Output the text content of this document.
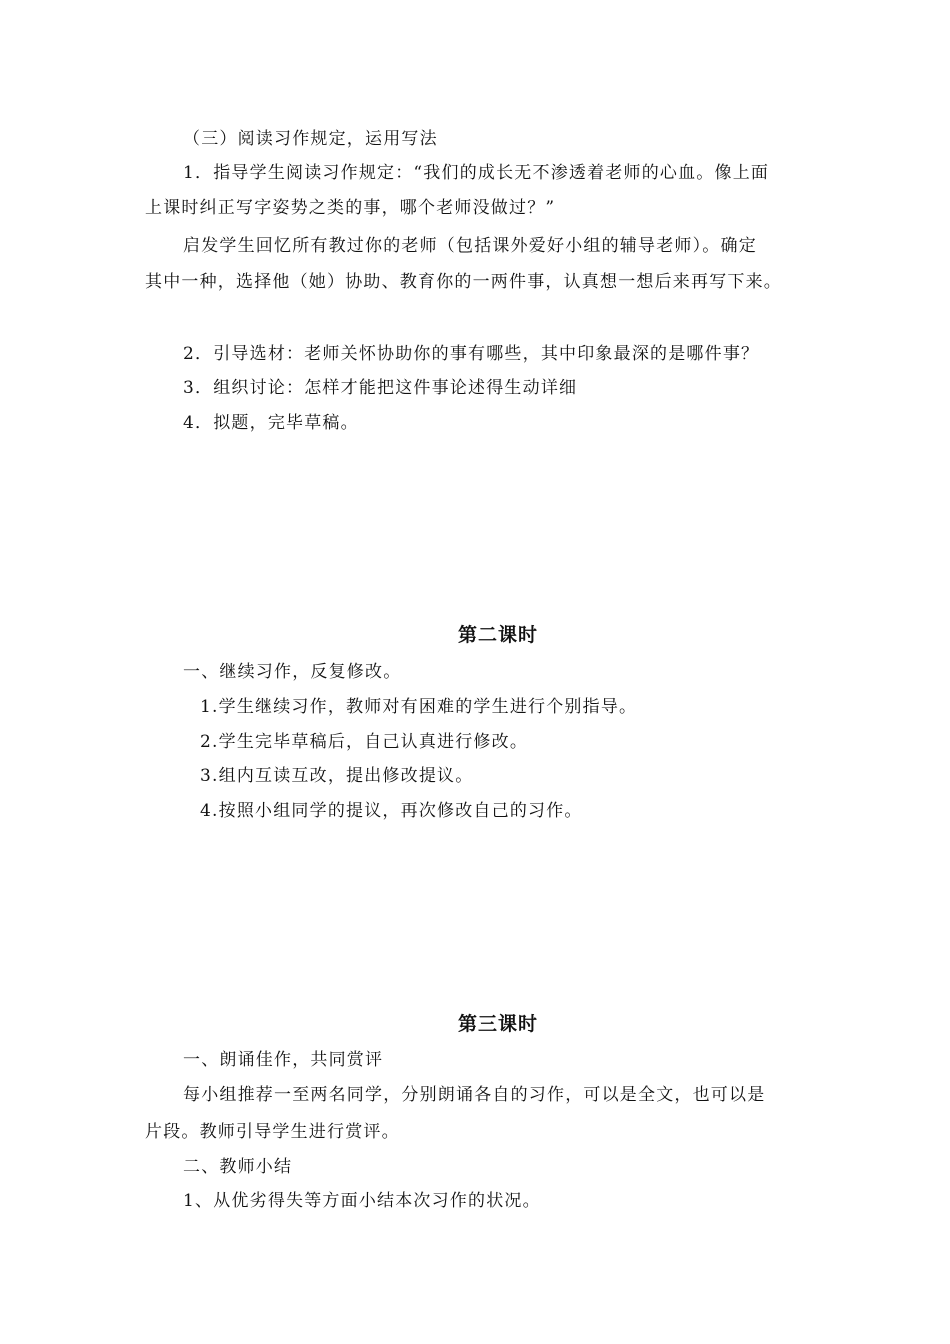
（三）阅读习作规定，运用写法
1．指导学生阅读习作规定：“我们的成长无不渗透着老师的心血。像上面
上课时纠正写字姿势之类的事，哪个老师没做过？”
启发学生回忆所有教过你的老师（包括课外爱好小组的辅导老师）。确定
其中一种，选择他（她）协助、教育你的一两件事，认真想一想后来再写下来。
2．引导选材：老师关怀协助你的事有哪些，其中印象最深的是哪件事？
3．组织讨论：怎样才能把这件事论述得生动详细
4．拟题，完毕草稿。
第二课时
一、继续习作，反复修改。
1.学生继续习作，教师对有困难的学生进行个别指导。
2.学生完毕草稿后，自己认真进行修改。
3.组内互读互改，提出修改提议。
4.按照小组同学的提议，再次修改自己的习作。
第三课时
一、朗诵佳作，共同赏评
每小组推荐一至两名同学，分别朗诵各自的习作，可以是全文，也可以是
片段。教师引导学生进行赏评。
二、教师小结
1、从优劣得失等方面小结本次习作的状况。
